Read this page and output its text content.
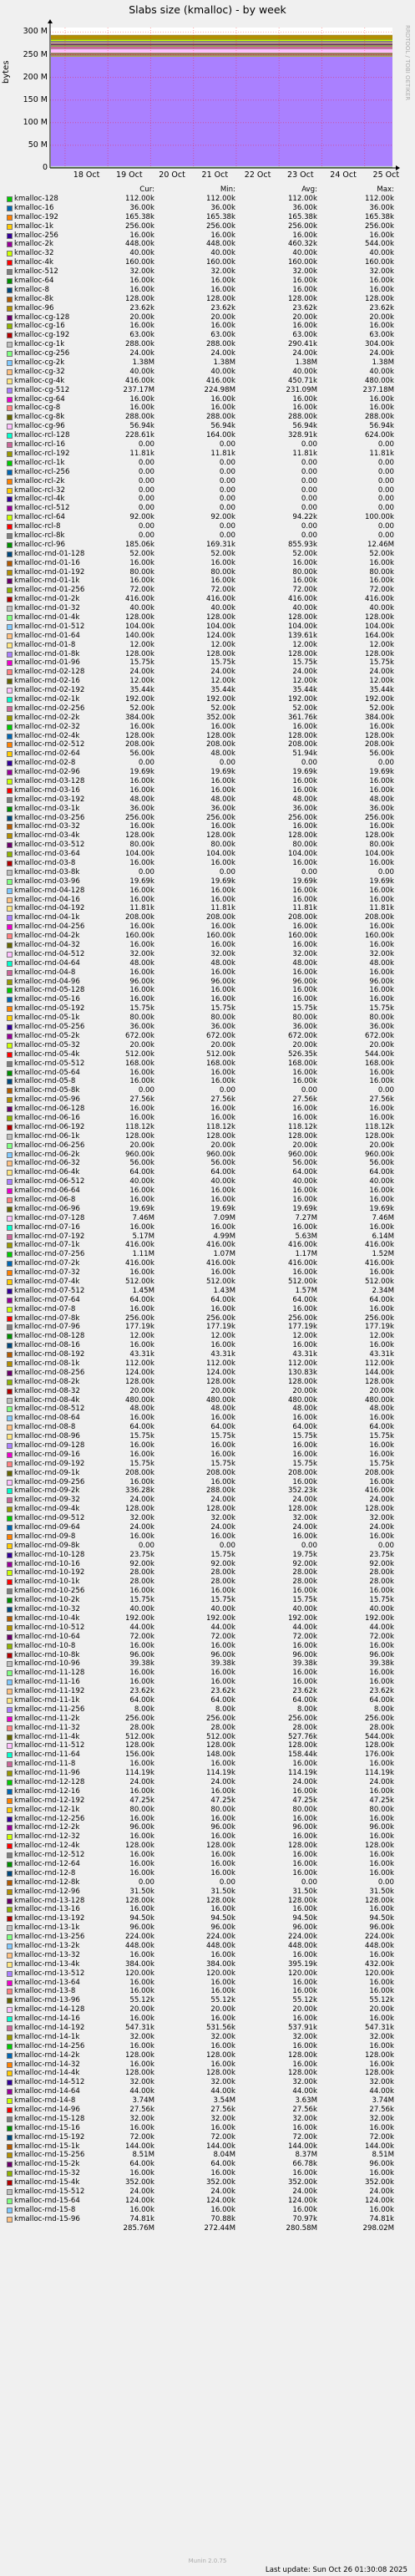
Slabs size (kmalloc) - by week
bytes	RRDTOOL / TOBI OETIKER
0
50 M
100 M
150 M
200 M
250 M
300 M
18 Oct 19 Oct 20 Oct 21 Oct 22 Oct 23 Oct 24 Oct 25 Oct
Cur:	Min:	Avg:	Max:
kmalloc-128	112.00k	112.00k	112.00k	112.00k
kmalloc-16	36.00k	36.00k	36.00k	36.00k
kmalloc-192	165.38k	165.38k	165.38k	165.38k
kmalloc-1k	256.00k	256.00k	256.00k	256.00k
kmalloc-256	16.00k	16.00k	16.00k	16.00k
kmalloc-2k	448.00k	448.00k	460.32k	544.00k
kmalloc-32	40.00k	40.00k	40.00k	40.00k
kmalloc-4k	160.00k	160.00k	160.00k	160.00k
kmalloc-512	32.00k	32.00k	32.00k	32.00k
kmalloc-64	16.00k	16.00k	16.00k	16.00k
kmalloc-8	16.00k	16.00k	16.00k	16.00k
kmalloc-8k	128.00k	128.00k	128.00k	128.00k
kmalloc-96	23.62k	23.62k	23.62k	23.62k
kmalloc-cg-128	20.00k	20.00k	20.00k	20.00k
kmalloc-cg-16	16.00k	16.00k	16.00k	16.00k
kmalloc-cg-192	63.00k	63.00k	63.00k	63.00k
kmalloc-cg-1k	288.00k	288.00k	290.41k	304.00k
kmalloc-cg-256	24.00k	24.00k	24.00k	24.00k
kmalloc-cg-2k	1.38M	1.38M	1.38M	1.38M
kmalloc-cg-32	40.00k	40.00k	40.00k	40.00k
kmalloc-cg-4k	416.00k	416.00k	450.71k	480.00k
kmalloc-cg-512	237.17M	224.98M	231.09M	237.18M
kmalloc-cg-64	16.00k	16.00k	16.00k	16.00k
kmalloc-cg-8	16.00k	16.00k	16.00k	16.00k
kmalloc-cg-8k	288.00k	288.00k	288.00k	288.00k
kmalloc-cg-96	56.94k	56.94k	56.94k	56.94k
kmalloc-rcl-128	228.61k	164.00k	328.91k	624.00k
kmalloc-rcl-16	0.00	0.00	0.00	0.00
kmalloc-rcl-192	11.81k	11.81k	11.81k	11.81k
kmalloc-rcl-1k	0.00	0.00	0.00	0.00
kmalloc-rcl-256	0.00	0.00	0.00	0.00
kmalloc-rcl-2k	0.00	0.00	0.00	0.00
kmalloc-rcl-32	0.00	0.00	0.00	0.00
kmalloc-rcl-4k	0.00	0.00	0.00	0.00
kmalloc-rcl-512	0.00	0.00	0.00	0.00
kmalloc-rcl-64	92.00k	92.00k	94.22k	100.00k
kmalloc-rcl-8	0.00	0.00	0.00	0.00
kmalloc-rcl-8k	0.00	0.00	0.00	0.00
kmalloc-rcl-96	185.06k	169.31k	855.93k	12.46M
kmalloc-rnd-01-128	52.00k	52.00k	52.00k	52.00k
kmalloc-rnd-01-16	16.00k	16.00k	16.00k	16.00k
kmalloc-rnd-01-192	80.00k	80.00k	80.00k	80.00k
kmalloc-rnd-01-1k	16.00k	16.00k	16.00k	16.00k
kmalloc-rnd-01-256	72.00k	72.00k	72.00k	72.00k
kmalloc-rnd-01-2k	416.00k	416.00k	416.00k	416.00k
kmalloc-rnd-01-32	40.00k	40.00k	40.00k	40.00k
kmalloc-rnd-01-4k	128.00k	128.00k	128.00k	128.00k
kmalloc-rnd-01-512	104.00k	104.00k	104.00k	104.00k
kmalloc-rnd-01-64	140.00k	124.00k	139.61k	164.00k
kmalloc-rnd-01-8	12.00k	12.00k	12.00k	12.00k
kmalloc-rnd-01-8k	128.00k	128.00k	128.00k	128.00k
kmalloc-rnd-01-96	15.75k	15.75k	15.75k	15.75k
kmalloc-rnd-02-128	24.00k	24.00k	24.00k	24.00k
kmalloc-rnd-02-16	12.00k	12.00k	12.00k	12.00k
kmalloc-rnd-02-192	35.44k	35.44k	35.44k	35.44k
kmalloc-rnd-02-1k	192.00k	192.00k	192.00k	192.00k
kmalloc-rnd-02-256	52.00k	52.00k	52.00k	52.00k
kmalloc-rnd-02-2k	384.00k	352.00k	361.76k	384.00k
kmalloc-rnd-02-32	16.00k	16.00k	16.00k	16.00k
kmalloc-rnd-02-4k	128.00k	128.00k	128.00k	128.00k
kmalloc-rnd-02-512	208.00k	208.00k	208.00k	208.00k
kmalloc-rnd-02-64	56.00k	48.00k	51.94k	56.00k
kmalloc-rnd-02-8	0.00	0.00	0.00	0.00
kmalloc-rnd-02-96	19.69k	19.69k	19.69k	19.69k
kmalloc-rnd-03-128	16.00k	16.00k	16.00k	16.00k
kmalloc-rnd-03-16	16.00k	16.00k	16.00k	16.00k
kmalloc-rnd-03-192	48.00k	48.00k	48.00k	48.00k
kmalloc-rnd-03-1k	36.00k	36.00k	36.00k	36.00k
kmalloc-rnd-03-256	256.00k	256.00k	256.00k	256.00k
kmalloc-rnd-03-32	16.00k	16.00k	16.00k	16.00k
kmalloc-rnd-03-4k	128.00k	128.00k	128.00k	128.00k
kmalloc-rnd-03-512	80.00k	80.00k	80.00k	80.00k
kmalloc-rnd-03-64	104.00k	104.00k	104.00k	104.00k
kmalloc-rnd-03-8	16.00k	16.00k	16.00k	16.00k
kmalloc-rnd-03-8k	0.00	0.00	0.00	0.00
kmalloc-rnd-03-96	19.69k	19.69k	19.69k	19.69k
kmalloc-rnd-04-128	16.00k	16.00k	16.00k	16.00k
kmalloc-rnd-04-16	16.00k	16.00k	16.00k	16.00k
kmalloc-rnd-04-192	11.81k	11.81k	11.81k	11.81k
kmalloc-rnd-04-1k	208.00k	208.00k	208.00k	208.00k
kmalloc-rnd-04-256	16.00k	16.00k	16.00k	16.00k
kmalloc-rnd-04-2k	160.00k	160.00k	160.00k	160.00k
kmalloc-rnd-04-32	16.00k	16.00k	16.00k	16.00k
kmalloc-rnd-04-512	32.00k	32.00k	32.00k	32.00k
kmalloc-rnd-04-64	48.00k	48.00k	48.00k	48.00k
kmalloc-rnd-04-8	16.00k	16.00k	16.00k	16.00k
kmalloc-rnd-04-96	96.00k	96.00k	96.00k	96.00k
kmalloc-rnd-05-128	16.00k	16.00k	16.00k	16.00k
kmalloc-rnd-05-16	16.00k	16.00k	16.00k	16.00k
kmalloc-rnd-05-192	15.75k	15.75k	15.75k	15.75k
kmalloc-rnd-05-1k	80.00k	80.00k	80.00k	80.00k
kmalloc-rnd-05-256	36.00k	36.00k	36.00k	36.00k
kmalloc-rnd-05-2k	672.00k	672.00k	672.00k	672.00k
kmalloc-rnd-05-32	20.00k	20.00k	20.00k	20.00k
kmalloc-rnd-05-4k	512.00k	512.00k	526.35k	544.00k
kmalloc-rnd-05-512	168.00k	168.00k	168.00k	168.00k
kmalloc-rnd-05-64	16.00k	16.00k	16.00k	16.00k
kmalloc-rnd-05-8	16.00k	16.00k	16.00k	16.00k
kmalloc-rnd-05-8k	0.00	0.00	0.00	0.00
kmalloc-rnd-05-96	27.56k	27.56k	27.56k	27.56k
kmalloc-rnd-06-128	16.00k	16.00k	16.00k	16.00k
kmalloc-rnd-06-16	16.00k	16.00k	16.00k	16.00k
kmalloc-rnd-06-192	118.12k	118.12k	118.12k	118.12k
kmalloc-rnd-06-1k	128.00k	128.00k	128.00k	128.00k
kmalloc-rnd-06-256	20.00k	20.00k	20.00k	20.00k
kmalloc-rnd-06-2k	960.00k	960.00k	960.00k	960.00k
kmalloc-rnd-06-32	56.00k	56.00k	56.00k	56.00k
kmalloc-rnd-06-4k	64.00k	64.00k	64.00k	64.00k
kmalloc-rnd-06-512	40.00k	40.00k	40.00k	40.00k
kmalloc-rnd-06-64	16.00k	16.00k	16.00k	16.00k
kmalloc-rnd-06-8	16.00k	16.00k	16.00k	16.00k
kmalloc-rnd-06-96	19.69k	19.69k	19.69k	19.69k
kmalloc-rnd-07-128	7.46M	7.09M	7.27M	7.46M
kmalloc-rnd-07-16	16.00k	16.00k	16.00k	16.00k
kmalloc-rnd-07-192	5.17M	4.99M	5.63M	6.14M
kmalloc-rnd-07-1k	416.00k	416.00k	416.00k	416.00k
kmalloc-rnd-07-256	1.11M	1.07M	1.17M	1.52M
kmalloc-rnd-07-2k	416.00k	416.00k	416.00k	416.00k
kmalloc-rnd-07-32	16.00k	16.00k	16.00k	16.00k
kmalloc-rnd-07-4k	512.00k	512.00k	512.00k	512.00k
kmalloc-rnd-07-512	1.45M	1.43M	1.57M	2.34M
kmalloc-rnd-07-64	64.00k	64.00k	64.00k	64.00k
kmalloc-rnd-07-8	16.00k	16.00k	16.00k	16.00k
kmalloc-rnd-07-8k	256.00k	256.00k	256.00k	256.00k
kmalloc-rnd-07-96	177.19k	177.19k	177.19k	177.19k
kmalloc-rnd-08-128	12.00k	12.00k	12.00k	12.00k
kmalloc-rnd-08-16	16.00k	16.00k	16.00k	16.00k
kmalloc-rnd-08-192	43.31k	43.31k	43.31k	43.31k
kmalloc-rnd-08-1k	112.00k	112.00k	112.00k	112.00k
kmalloc-rnd-08-256	124.00k	124.00k	130.83k	144.00k
kmalloc-rnd-08-2k	128.00k	128.00k	128.00k	128.00k
kmalloc-rnd-08-32	20.00k	20.00k	20.00k	20.00k
kmalloc-rnd-08-4k	480.00k	480.00k	480.00k	480.00k
kmalloc-rnd-08-512	48.00k	48.00k	48.00k	48.00k
kmalloc-rnd-08-64	16.00k	16.00k	16.00k	16.00k
kmalloc-rnd-08-8	64.00k	64.00k	64.00k	64.00k
kmalloc-rnd-08-96	15.75k	15.75k	15.75k	15.75k
kmalloc-rnd-09-128	16.00k	16.00k	16.00k	16.00k
kmalloc-rnd-09-16	16.00k	16.00k	16.00k	16.00k
kmalloc-rnd-09-192	15.75k	15.75k	15.75k	15.75k
kmalloc-rnd-09-1k	208.00k	208.00k	208.00k	208.00k
kmalloc-rnd-09-256	16.00k	16.00k	16.00k	16.00k
kmalloc-rnd-09-2k	336.28k	288.00k	352.23k	416.00k
kmalloc-rnd-09-32	24.00k	24.00k	24.00k	24.00k
kmalloc-rnd-09-4k	128.00k	128.00k	128.00k	128.00k
kmalloc-rnd-09-512	32.00k	32.00k	32.00k	32.00k
kmalloc-rnd-09-64	24.00k	24.00k	24.00k	24.00k
kmalloc-rnd-09-8	16.00k	16.00k	16.00k	16.00k
kmalloc-rnd-09-8k	0.00	0.00	0.00	0.00
kmalloc-rnd-10-128	23.75k	15.75k	19.75k	23.75k
kmalloc-rnd-10-16	92.00k	92.00k	92.00k	92.00k
kmalloc-rnd-10-192	28.00k	28.00k	28.00k	28.00k
kmalloc-rnd-10-1k	28.00k	28.00k	28.00k	28.00k
kmalloc-rnd-10-256	16.00k	16.00k	16.00k	16.00k
kmalloc-rnd-10-2k	15.75k	15.75k	15.75k	15.75k
kmalloc-rnd-10-32	40.00k	40.00k	40.00k	40.00k
kmalloc-rnd-10-4k	192.00k	192.00k	192.00k	192.00k
kmalloc-rnd-10-512	44.00k	44.00k	44.00k	44.00k
kmalloc-rnd-10-64	72.00k	72.00k	72.00k	72.00k
kmalloc-rnd-10-8	16.00k	16.00k	16.00k	16.00k
kmalloc-rnd-10-8k	96.00k	96.00k	96.00k	96.00k
kmalloc-rnd-10-96	39.38k	39.38k	39.38k	39.38k
kmalloc-rnd-11-128	16.00k	16.00k	16.00k	16.00k
kmalloc-rnd-11-16	16.00k	16.00k	16.00k	16.00k
kmalloc-rnd-11-192	23.62k	23.62k	23.62k	23.62k
kmalloc-rnd-11-1k	64.00k	64.00k	64.00k	64.00k
kmalloc-rnd-11-256	8.00k	8.00k	8.00k	8.00k
kmalloc-rnd-11-2k	256.00k	256.00k	256.00k	256.00k
kmalloc-rnd-11-32	28.00k	28.00k	28.00k	28.00k
kmalloc-rnd-11-4k	512.00k	512.00k	527.76k	544.00k
kmalloc-rnd-11-512	128.00k	128.00k	128.00k	128.00k
kmalloc-rnd-11-64	156.00k	148.00k	158.44k	176.00k
kmalloc-rnd-11-8	16.00k	16.00k	16.00k	16.00k
kmalloc-rnd-11-96	114.19k	114.19k	114.19k	114.19k
kmalloc-rnd-12-128	24.00k	24.00k	24.00k	24.00k
kmalloc-rnd-12-16	16.00k	16.00k	16.00k	16.00k
kmalloc-rnd-12-192	47.25k	47.25k	47.25k	47.25k
kmalloc-rnd-12-1k	80.00k	80.00k	80.00k	80.00k
kmalloc-rnd-12-256	16.00k	16.00k	16.00k	16.00k
kmalloc-rnd-12-2k	96.00k	96.00k	96.00k	96.00k
kmalloc-rnd-12-32	16.00k	16.00k	16.00k	16.00k
kmalloc-rnd-12-4k	128.00k	128.00k	128.00k	128.00k
kmalloc-rnd-12-512	16.00k	16.00k	16.00k	16.00k
kmalloc-rnd-12-64	16.00k	16.00k	16.00k	16.00k
kmalloc-rnd-12-8	16.00k	16.00k	16.00k	16.00k
kmalloc-rnd-12-8k	0.00	0.00	0.00	0.00
kmalloc-rnd-12-96	31.50k	31.50k	31.50k	31.50k
kmalloc-rnd-13-128	128.00k	128.00k	128.00k	128.00k
kmalloc-rnd-13-16	16.00k	16.00k	16.00k	16.00k
kmalloc-rnd-13-192	94.50k	94.50k	94.50k	94.50k
kmalloc-rnd-13-1k	96.00k	96.00k	96.00k	96.00k
kmalloc-rnd-13-256	224.00k	224.00k	224.00k	224.00k
kmalloc-rnd-13-2k	448.00k	448.00k	448.00k	448.00k
kmalloc-rnd-13-32	16.00k	16.00k	16.00k	16.00k
kmalloc-rnd-13-4k	384.00k	384.00k	395.19k	432.00k
kmalloc-rnd-13-512	120.00k	120.00k	120.00k	120.00k
kmalloc-rnd-13-64	16.00k	16.00k	16.00k	16.00k
kmalloc-rnd-13-8	16.00k	16.00k	16.00k	16.00k
kmalloc-rnd-13-96	55.12k	55.12k	55.12k	55.12k
kmalloc-rnd-14-128	20.00k	20.00k	20.00k	20.00k
kmalloc-rnd-14-16	16.00k	16.00k	16.00k	16.00k
kmalloc-rnd-14-192	547.31k	531.56k	537.91k	547.31k
kmalloc-rnd-14-1k	32.00k	32.00k	32.00k	32.00k
kmalloc-rnd-14-256	16.00k	16.00k	16.00k	16.00k
kmalloc-rnd-14-2k	128.00k	128.00k	128.00k	128.00k
kmalloc-rnd-14-32	16.00k	16.00k	16.00k	16.00k
kmalloc-rnd-14-4k	128.00k	128.00k	128.00k	128.00k
kmalloc-rnd-14-512	32.00k	32.00k	32.00k	32.00k
kmalloc-rnd-14-64	44.00k	44.00k	44.00k	44.00k
kmalloc-rnd-14-8	3.74M	3.54M	3.63M	3.74M
kmalloc-rnd-14-96	27.56k	27.56k	27.56k	27.56k
kmalloc-rnd-15-128	32.00k	32.00k	32.00k	32.00k
kmalloc-rnd-15-16	16.00k	16.00k	16.00k	16.00k
kmalloc-rnd-15-192	72.00k	72.00k	72.00k	72.00k
kmalloc-rnd-15-1k	144.00k	144.00k	144.00k	144.00k
kmalloc-rnd-15-256	8.51M	8.04M	8.37M	8.51M
kmalloc-rnd-15-2k	64.00k	64.00k	66.78k	96.00k
kmalloc-rnd-15-32	16.00k	16.00k	16.00k	16.00k
kmalloc-rnd-15-4k	352.00k	352.00k	352.00k	352.00k
kmalloc-rnd-15-512	24.00k	24.00k	24.00k	24.00k
kmalloc-rnd-15-64	124.00k	124.00k	124.00k	124.00k
kmalloc-rnd-15-8	16.00k	16.00k	16.00k	16.00k
kmalloc-rnd-15-96	74.81k	70.88k	70.97k	74.81k
285.76M	272.44M	280.58M	298.02M
Munin 2.0.75
Last update: Sun Oct 26 01:30:08 2025
